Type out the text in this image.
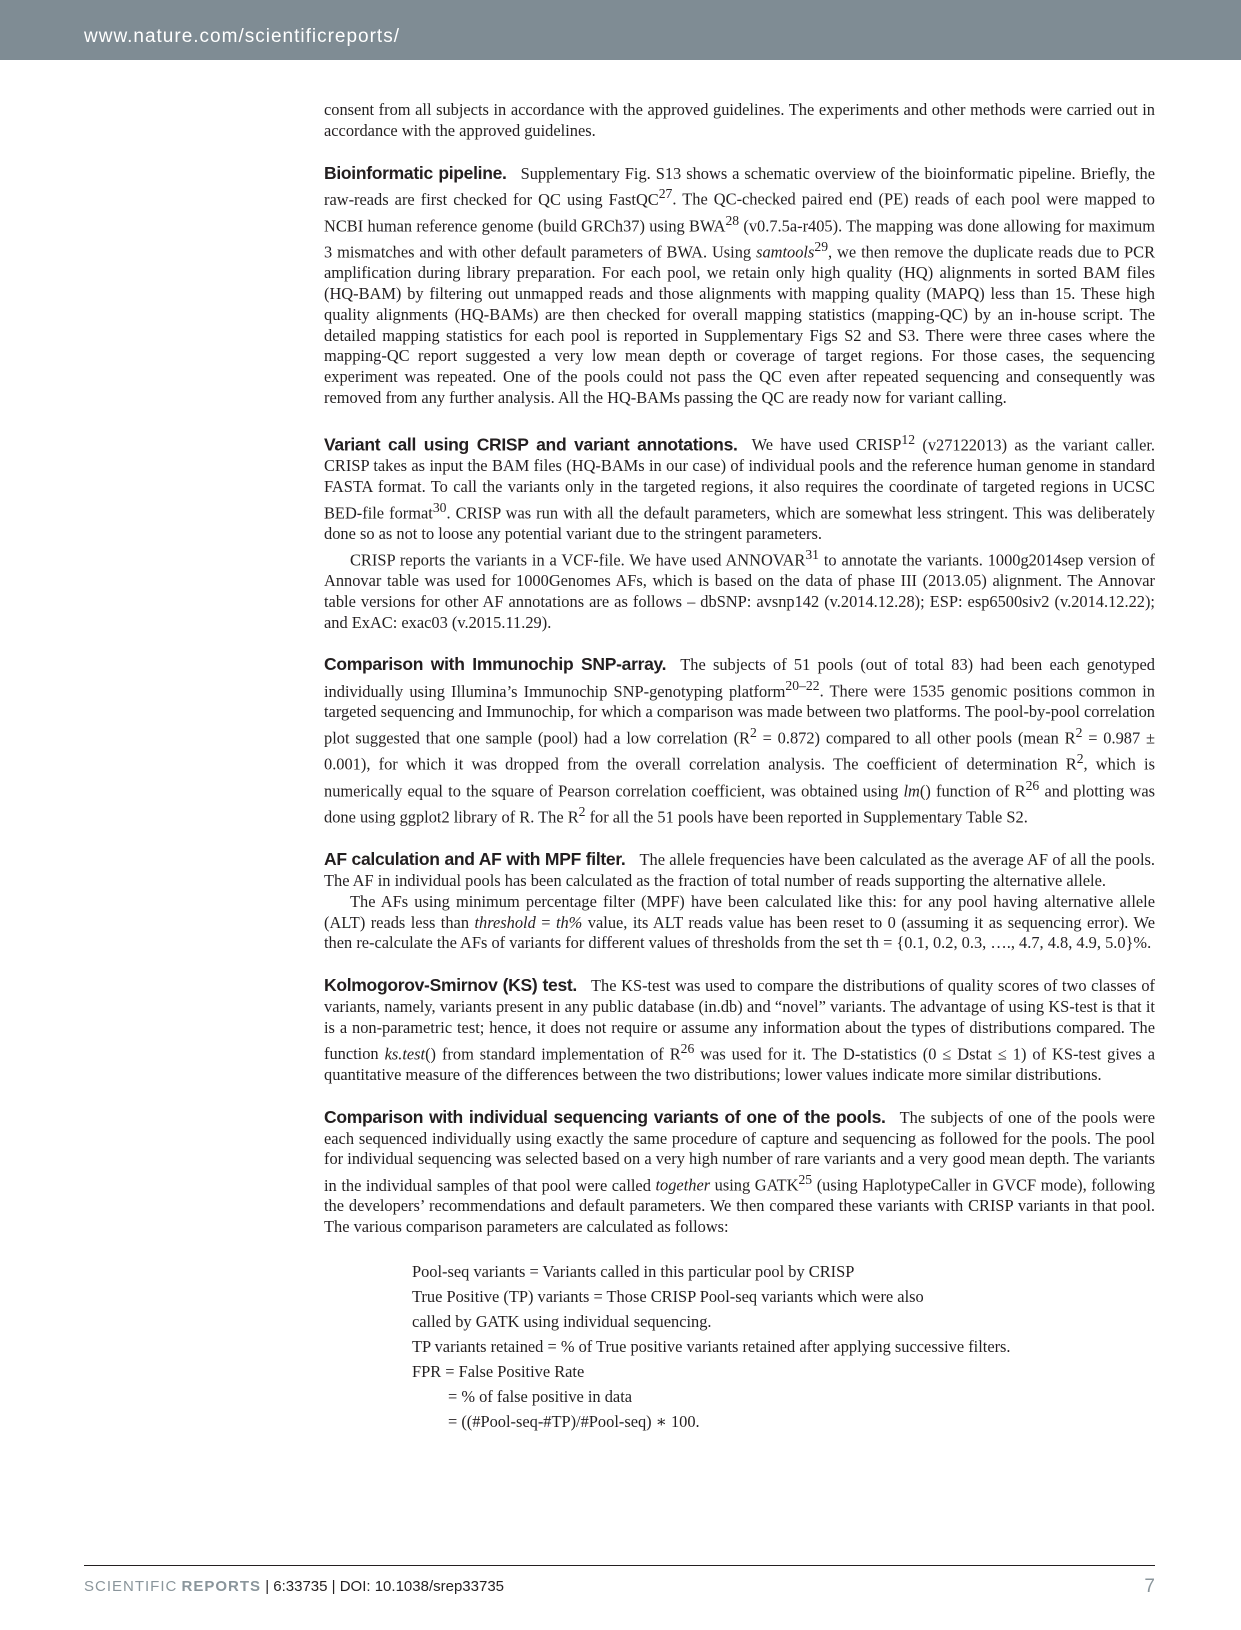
www.nature.com/scientificreports/

consent from all subjects in accordance with the approved guidelines. The experiments and other methods were carried out in accordance with the approved guidelines.

Bioinformatic pipeline. Supplementary Fig. S13 shows a schematic overview of the bioinformatic pipeline. Briefly, the raw-reads are first checked for QC using FastQC$^{27}$. The QC-checked paired end (PE) reads of each pool were mapped to NCBI human reference genome (build GRCh37) using BWA$^{28}$ (v0.7.5a-r405). The mapping was done allowing for maximum 3 mismatches and with other default parameters of BWA. Using samtools$^{29}$, we then remove the duplicate reads due to PCR amplification during library preparation. For each pool, we retain only high quality (HQ) alignments in sorted BAM files (HQ-BAM) by filtering out unmapped reads and those alignments with mapping quality (MAPQ) less than 15. These high quality alignments (HQ-BAMs) are then checked for overall mapping statistics (mapping-QC) by an in-house script. The detailed mapping statistics for each pool is reported in Supplementary Figs S2 and S3. There were three cases where the mapping-QC report suggested a very low mean depth or coverage of target regions. For those cases, the sequencing experiment was repeated. One of the pools could not pass the QC even after repeated sequencing and consequently was removed from any further analysis. All the HQ-BAMs passing the QC are ready now for variant calling.

Variant call using CRISP and variant annotations. We have used CRISP$^{12}$ (v27122013) as the variant caller. CRISP takes as input the BAM files (HQ-BAMs in our case) of individual pools and the reference human genome in standard FASTA format. To call the variants only in the targeted regions, it also requires the coordinate of targeted regions in UCSC BED-file format$^{30}$. CRISP was run with all the default parameters, which are somewhat less stringent. This was deliberately done so as not to loose any potential variant due to the stringent parameters.

CRISP reports the variants in a VCF-file. We have used ANNOVAR$^{31}$ to annotate the variants. 1000g2014sep version of Annovar table was used for 1000Genomes AFs, which is based on the data of phase III (2013.05) alignment. The Annovar table versions for other AF annotations are as follows – dbSNP: avsnp142 (v.2014.12.28); ESP: esp6500siv2 (v.2014.12.22); and ExAC: exac03 (v.2015.11.29).

Comparison with Immunochip SNP-array. The subjects of 51 pools (out of total 83) had been each genotyped individually using Illumina’s Immunochip SNP-genotyping platform$^{20-22}$. There were 1535 genomic positions common in targeted sequencing and Immunochip, for which a comparison was made between two platforms. The pool-by-pool correlation plot suggested that one sample (pool) had a low correlation $(R^2 = 0.872)$ compared to all other pools (mean $R^2 = 0.987 \pm 0.001$), for which it was dropped from the overall correlation analysis. The coefficient of determination $R^2$, which is numerically equal to the square of Pearson correlation coefficient, was obtained using lm() function of $R^{26}$ and plotting was done using ggplot2 library of R. The $R^2$ for all the 51 pools have been reported in Supplementary Table S2.

AF calculation and AF with MPF filter. The allele frequencies have been calculated as the average AF of all the pools. The AF in individual pools has been calculated as the fraction of total number of reads supporting the alternative allele.

The AFs using minimum percentage filter (MPF) have been calculated like this: for any pool having alternative allele (ALT) reads less than threshold = th% value, its ALT reads value has been reset to 0 (assuming it as sequencing error). We then re-calculate the AFs of variants for different values of thresholds from the set th = {0.1, 0.2, 0.3, …., 4.7, 4.8, 4.9, 5.0}%.

Kolmogorov-Smirnov (KS) test. The KS-test was used to compare the distributions of quality scores of two classes of variants, namely, variants present in any public database (in.db) and “novel” variants. The advantage of using KS-test is that it is a non-parametric test; hence, it does not require or assume any information about the types of distributions compared. The function ks.test() from standard implementation of $R^{26}$ was used for it. The D-statistics (0 ≤ Dstat ≤ 1) of KS-test gives a quantitative measure of the differences between the two distributions; lower values indicate more similar distributions.

Comparison with individual sequencing variants of one of the pools. The subjects of one of the pools were each sequenced individually using exactly the same procedure of capture and sequencing as followed for the pools. The pool for individual sequencing was selected based on a very high number of rare variants and a very good mean depth. The variants in the individual samples of that pool were called together using GATK$^{25}$ (using HaplotypeCaller in GVCF mode), following the developers’ recommendations and default parameters. We then compared these variants with CRISP variants in that pool. The various comparison parameters are calculated as follows:

Pool-seq variants = Variants called in this particular pool by CRISP
True Positive (TP) variants = Those CRISP Pool-seq variants which were also
called by GATK using individual sequencing.
TP variants retained = % of True positive variants retained after applying successive filters.
FPR = False Positive Rate
= % of false positive in data
= ((#Pool-seq-#TP)/#Pool-seq) ∗ 100.
SCIENTIFIC REPORTS | 6:33735 | DOI: 10.1038/srep33735	7
